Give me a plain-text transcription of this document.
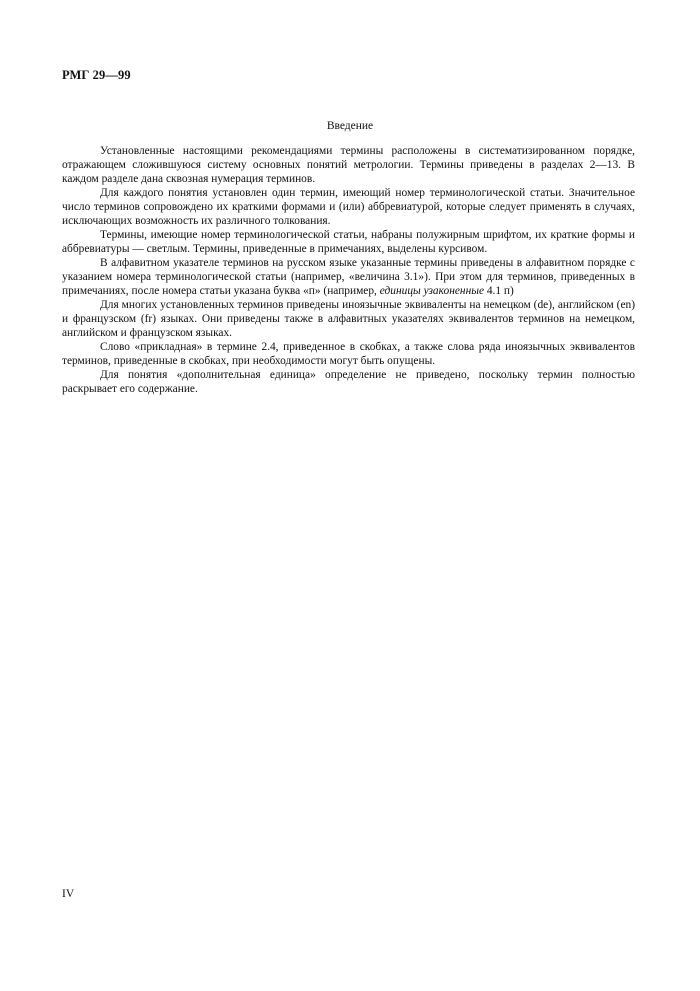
РМГ 29—99
Введение

Установленные настоящими рекомендациями термины расположены в систематизированном порядке, отражающем сложившуюся систему основных понятий метрологии. Термины приведены в разделах 2—13. В каждом разделе дана сквозная нумерация терминов.

Для каждого понятия установлен один термин, имеющий номер терминологической статьи. Значительное число терминов сопровождено их краткими формами и (или) аббревиатурой, которые следует применять в случаях, исключающих возможность их различного толкования.

Термины, имеющие номер терминологической статьи, набраны полужирным шрифтом, их краткие формы и аббревиатуры — светлым. Термины, приведенные в примечаниях, выделены курсивом.

В алфавитном указателе терминов на русском языке указанные термины приведены в алфавитном порядке с указанием номера терминологической статьи (например, «величина 3.1»). При этом для терминов, приведенных в примечаниях, после номера статьи указана буква «п» (например, единицы узаконенные 4.1 п)

Для многих установленных терминов приведены иноязычные эквиваленты на немецком (de), английском (en) и французском (fr) языках. Они приведены также в алфавитных указателях эквивалентов терминов на немецком, английском и французском языках.

Слово «прикладная» в термине 2.4, приведенное в скобках, а также слова ряда иноязычных эквивалентов терминов, приведенные в скобках, при необходимости могут быть опущены.

Для понятия «дополнительная единица» определение не приведено, поскольку термин полностью раскрывает его содержание.

IV
